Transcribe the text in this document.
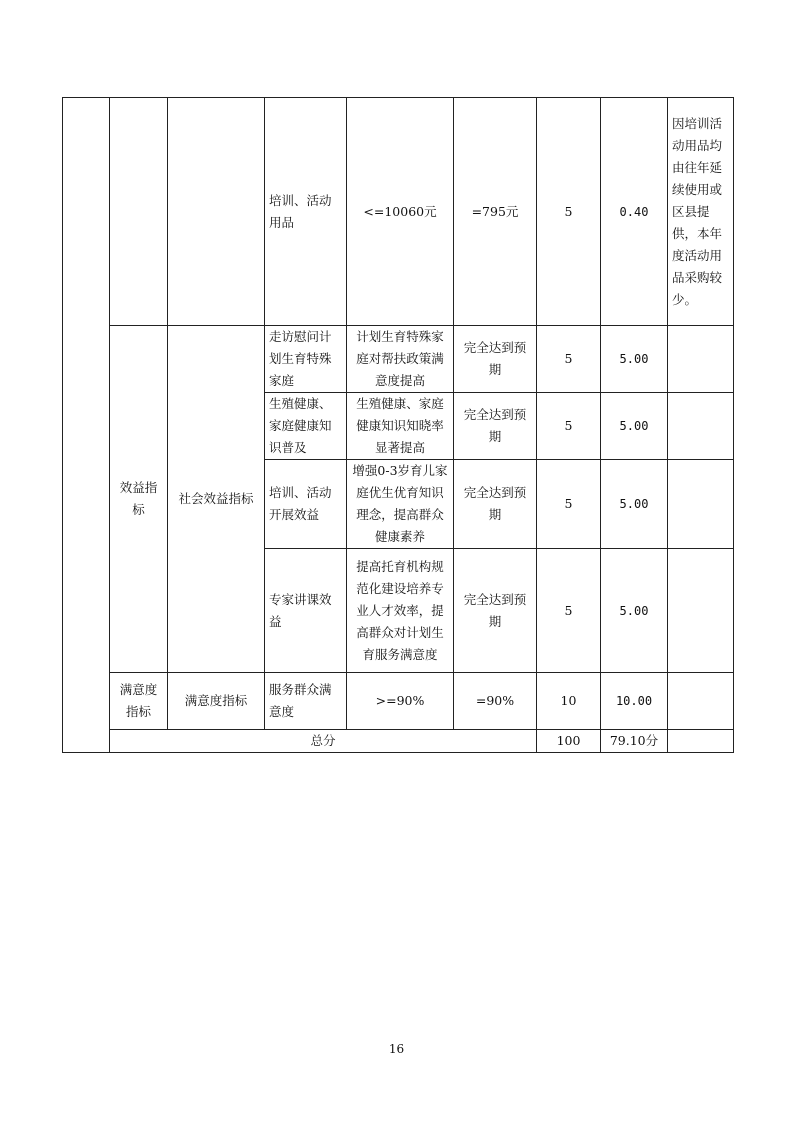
			培训、活动用品	<=10060元	=795元	5	0.40	因培训活动用品均由往年延续使用或区县提供，本年度活动用品采购较少。
	效益指标	社会效益指标	走访慰问计划生育特殊家庭	计划生育特殊家庭对帮扶政策满意度提高	完全达到预期	5	5.00	
			生殖健康、家庭健康知识普及	生殖健康、家庭健康知识知晓率显著提高	完全达到预期	5	5.00	
			培训、活动开展效益	增强0-3岁育儿家庭优生优育知识理念，提高群众健康素养	完全达到预期	5	5.00	
			专家讲课效益	提高托育机构规范化建设培养专业人才效率，提高群众对计划生育服务满意度	完全达到预期	5	5.00	
	满意度指标	满意度指标	服务群众满意度	>=90%	=90%	10	10.00	
	总分					100	79.10分	
16
